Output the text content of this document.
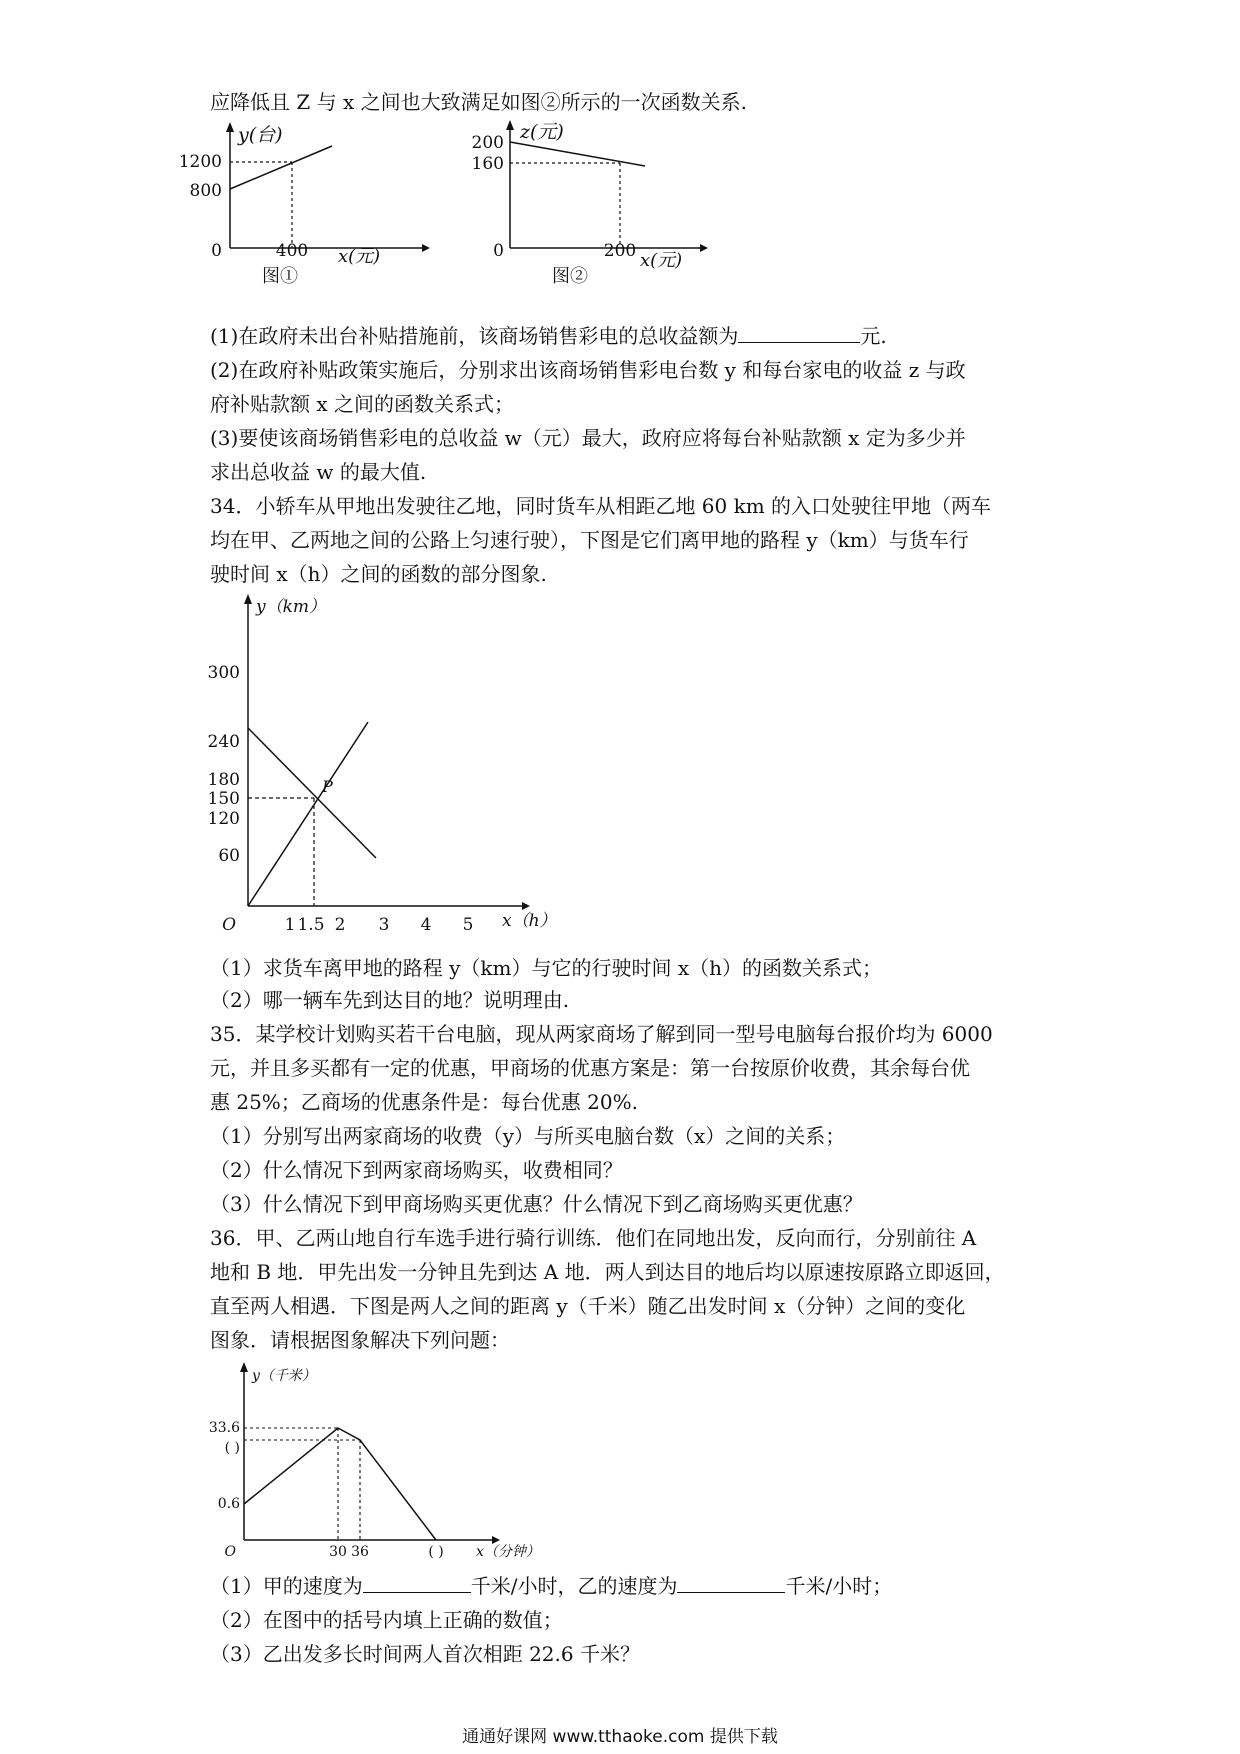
应降低且 Z 与 x 之间也大致满足如图②所示的一次函数关系.
y(台)
1200
800
0	400 x(元)
图①
z(元)
200
160
0	200 x(元)
图②
(1)在政府未出台补贴措施前，该商场销售彩电的总收益额为	元.
(2)在政府补贴政策实施后，分别求出该商场销售彩电台数 y 和每台家电的收益 z 与政
府补贴款额 x 之间的函数关系式；
(3)要使该商场销售彩电的总收益 w（元）最大，政府应将每台补贴款额 x 定为多少并
求出总收益 w 的最大值.
34．小轿车从甲地出发驶往乙地，同时货车从相距乙地 60 km 的入口处驶往甲地（两车
均在甲、乙两地之间的公路上匀速行驶），下图是它们离甲地的路程 y（km）与货车行
驶时间 x（h）之间的函数的部分图象.
y（km）
300
240
180
150
120
60
P
O	1 1.5 2 3 4 5 x（h）
（1）求货车离甲地的路程 y（km）与它的行驶时间 x（h）的函数关系式；
（2）哪一辆车先到达目的地？说明理由.
35．某学校计划购买若干台电脑，现从两家商场了解到同一型号电脑每台报价均为 6000
元，并且多买都有一定的优惠，甲商场的优惠方案是：第一台按原价收费，其余每台优
惠 25%；乙商场的优惠条件是：每台优惠 20%.
（1）分别写出两家商场的收费（y）与所买电脑台数（x）之间的关系；
（2）什么情况下到两家商场购买，收费相同？
（3）什么情况下到甲商场购买更优惠？什么情况下到乙商场购买更优惠？
36．甲、乙两山地自行车选手进行骑行训练．他们在同地出发，反向而行，分别前往 A
地和 B 地．甲先出发一分钟且先到达 A 地．两人到达目的地后均以原速按原路立即返回，
直至两人相遇．下图是两人之间的距离 y（千米）随乙出发时间 x（分钟）之间的变化
图象．请根据图象解决下列问题：
y（千米）
33.6
( )
0.6
O	30 36	( ) x（分钟）
（1）甲的速度为	千米/小时，乙的速度为	千米/小时；
（2）在图中的括号内填上正确的数值；
（3）乙出发多长时间两人首次相距 22.6 千米？
通通好课网 www.tthaoke.com 提供下载
